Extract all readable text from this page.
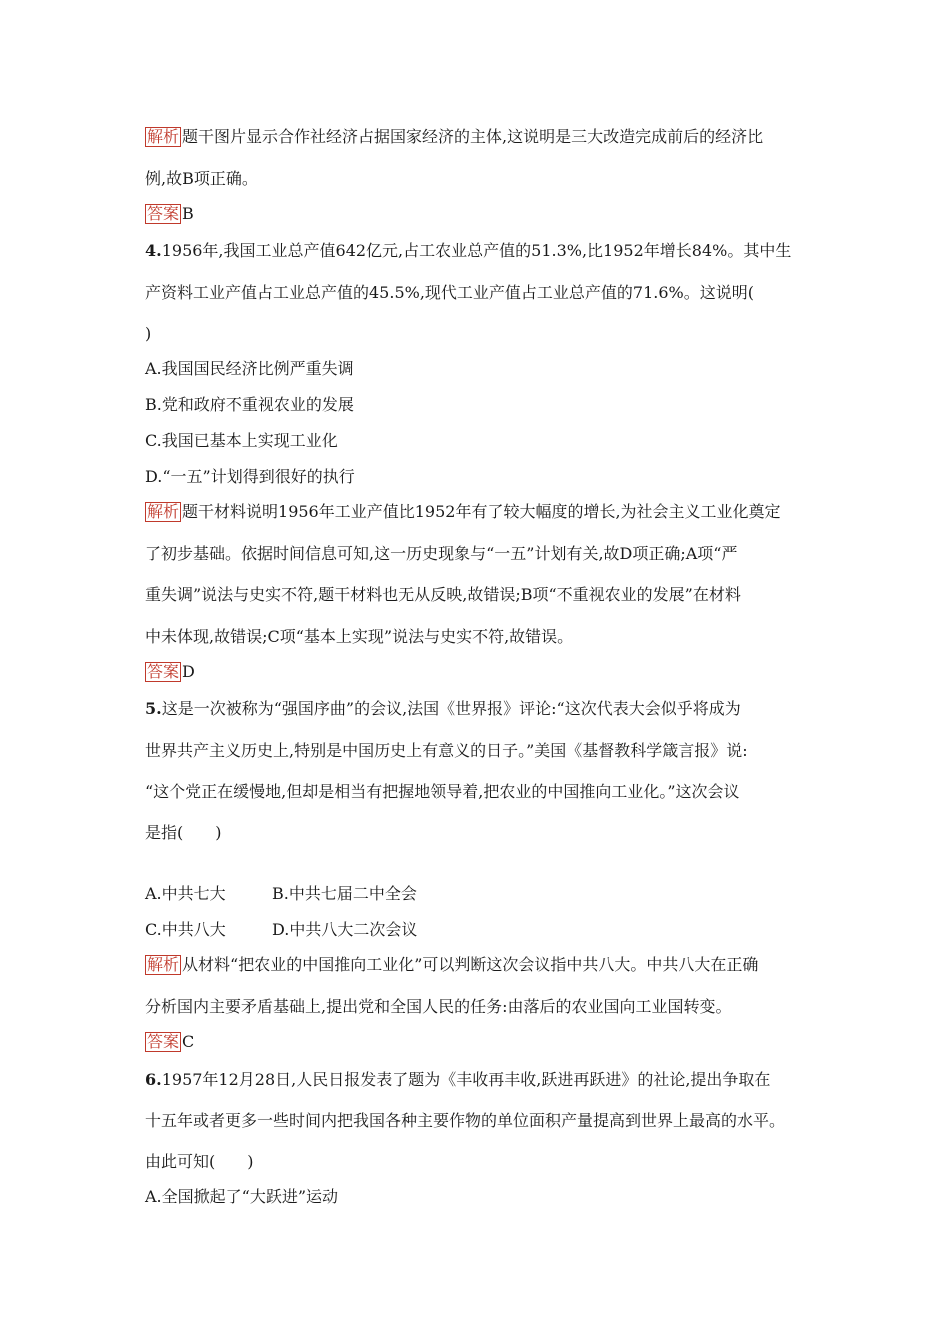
解析 题干图片显示合作社经济占据国家经济的主体,这说明是三大改造完成前后的经济比
例,故B项正确。
答案 B
4.1956年,我国工业总产值642亿元,占工农业总产值的51.3%,比1952年增长84%。其中生
产资料工业产值占工业总产值的45.5%,现代工业产值占工业总产值的71.6%。这说明(
)
A.我国国民经济比例严重失调
B.党和政府不重视农业的发展
C.我国已基本上实现工业化
D.“一五”计划得到很好的执行
解析 题干材料说明1956年工业产值比1952年有了较大幅度的增长,为社会主义工业化奠定
了初步基础。依据时间信息可知,这一历史现象与“一五”计划有关,故D项正确;A项“严
重失调”说法与史实不符,题干材料也无从反映,故错误;B项“不重视农业的发展”在材料
中未体现,故错误;C项“基本上实现”说法与史实不符,故错误。
答案 D
5.这是一次被称为“强国序曲”的会议,法国《世界报》评论:“这次代表大会似乎将成为
世界共产主义历史上,特别是中国历史上有意义的日子。”美国《基督教科学箴言报》说:
“这个党正在缓慢地,但却是相当有把握地领导着,把农业的中国推向工业化。”这次会议
是指(　　)
A.中共七大	B.中共七届二中全会
C.中共八大	D.中共八大二次会议
解析 从材料“把农业的中国推向工业化”可以判断这次会议指中共八大。中共八大在正确
分析国内主要矛盾基础上,提出党和全国人民的任务:由落后的农业国向工业国转变。
答案 C
6.1957年12月28日,人民日报发表了题为《丰收再丰收,跃进再跃进》的社论,提出争取在
十五年或者更多一些时间内把我国各种主要作物的单位面积产量提高到世界上最高的水平。
由此可知(　　)
A.全国掀起了“大跃进”运动
